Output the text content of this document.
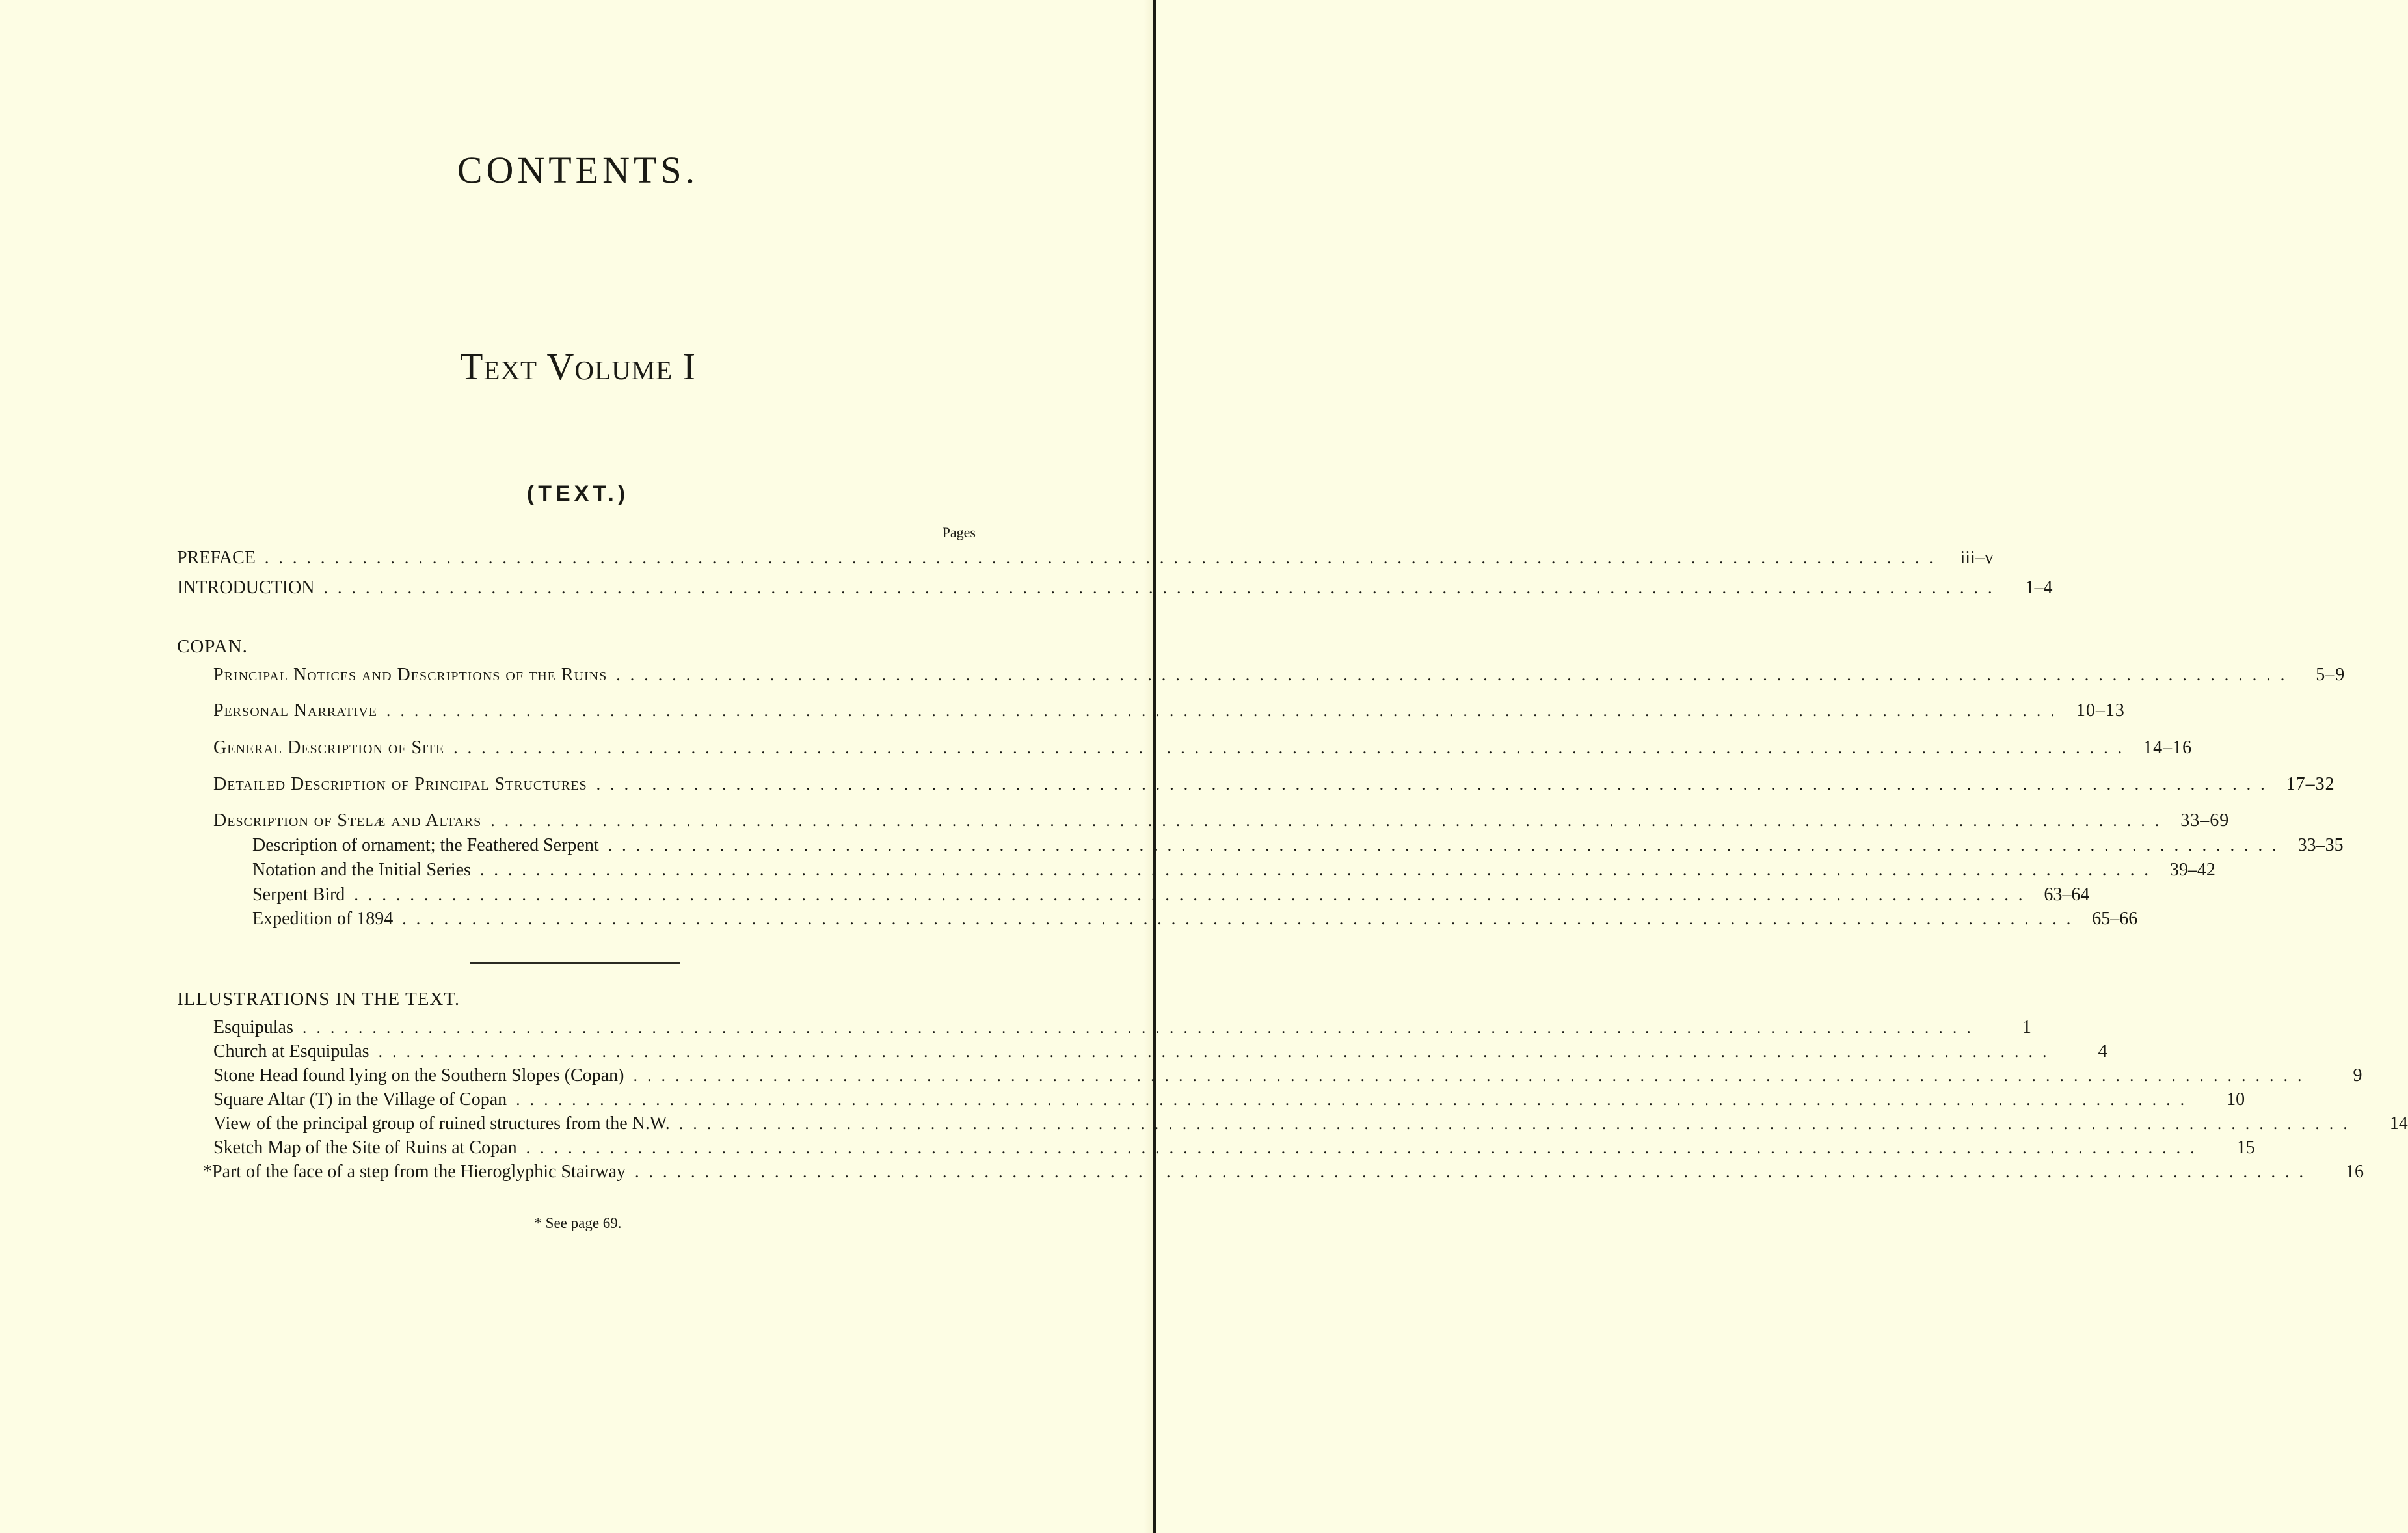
CONTENTS.
Text Volume I
(TEXT.)
Pages
PREFACE ........................................................................................................................ iii–v
INTRODUCTION ........................................................................................................................	1–4
COPAN.
Principal Notices and Descriptions of the Ruins ........................................................................................................................	5–9
Personal Narrative ........................................................................................................................ 10–13
General Description of Site ........................................................................................................................ 14–16
Detailed Description of Principal Structures ........................................................................................................................ 17–32
Description of Stelæ and Altars ........................................................................................................................ 33–69
Description of ornament; the Feathered Serpent ........................................................................................................................ 33–35
Notation and the Initial Series ........................................................................................................................ 39–42
Serpent Bird ........................................................................................................................ 63–64
Expedition of 1894 ........................................................................................................................ 65–66
ILLUSTRATIONS IN THE TEXT.
Esquipulas ........................................................................................................................	1
Church at Esquipulas ........................................................................................................................	4
Stone Head found lying on the Southern Slopes (Copan) ........................................................................................................................	9
Square Altar (T) in the Village of Copan ........................................................................................................................	10
View of the principal group of ruined structures from the N.W. ........................................................................................................................	14
Sketch Map of the Site of Ruins at Copan ........................................................................................................................	15
*Part of the face of a step from the Hieroglyphic Stairway ........................................................................................................................	16
* See page 69.
